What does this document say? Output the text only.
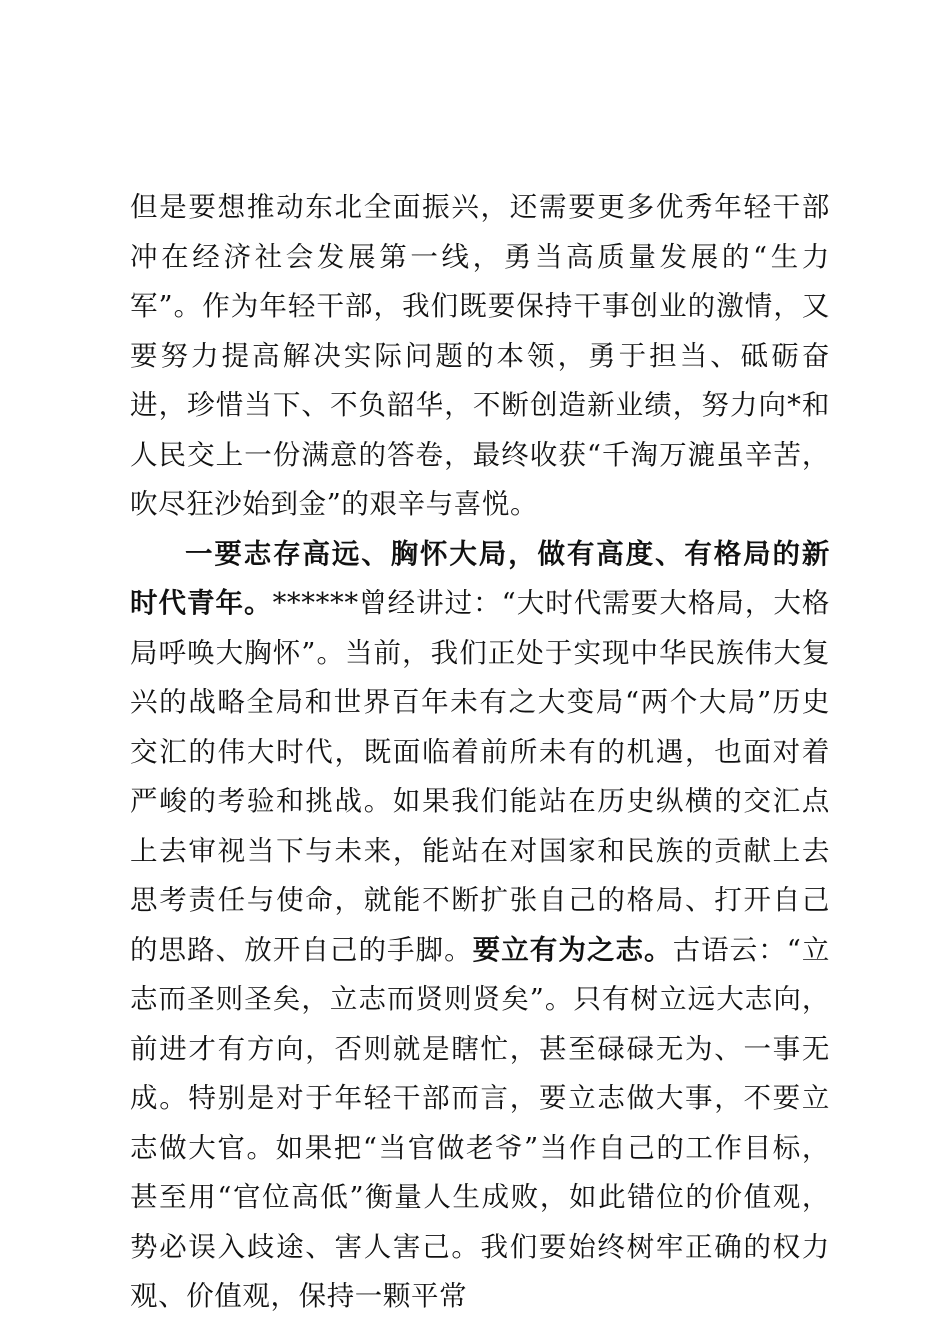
但是要想推动东北全面振兴，还需要更多优秀年轻干部冲在经济社会发展第一线，勇当高质量发展的“生力军”。作为年轻干部，我们既要保持干事创业的激情，又要努力提高解决实际问题的本领，勇于担当、砥砺奋进，珍惜当下、不负韶华，不断创造新业绩，努力向*和人民交上一份满意的答卷，最终收获“千淘万漉虽辛苦，吹尽狂沙始到金”的艰辛与喜悦。

一要志存高远、胸怀大局，做有高度、有格局的新时代青年。******曾经讲过：“大时代需要大格局，大格局呼唤大胸怀”。当前，我们正处于实现中华民族伟大复兴的战略全局和世界百年未有之大变局“两个大局”历史交汇的伟大时代，既面临着前所未有的机遇，也面对着严峻的考验和挑战。如果我们能站在历史纵横的交汇点上去审视当下与未来，能站在对国家和民族的贡献上去思考责任与使命，就能不断扩张自己的格局、打开自己的思路、放开自己的手脚。要立有为之志。古语云：“立志而圣则圣矣，立志而贤则贤矣”。只有树立远大志向，前进才有方向，否则就是瞎忙，甚至碌碌无为、一事无成。特别是对于年轻干部而言，要立志做大事，不要立志做大官。如果把“当官做老爷”当作自己的工作目标，甚至用“官位高低”衡量人生成败，如此错位的价值观，势必误入歧途、害人害己。我们要始终树牢正确的权力观、价值观，保持一颗平常
